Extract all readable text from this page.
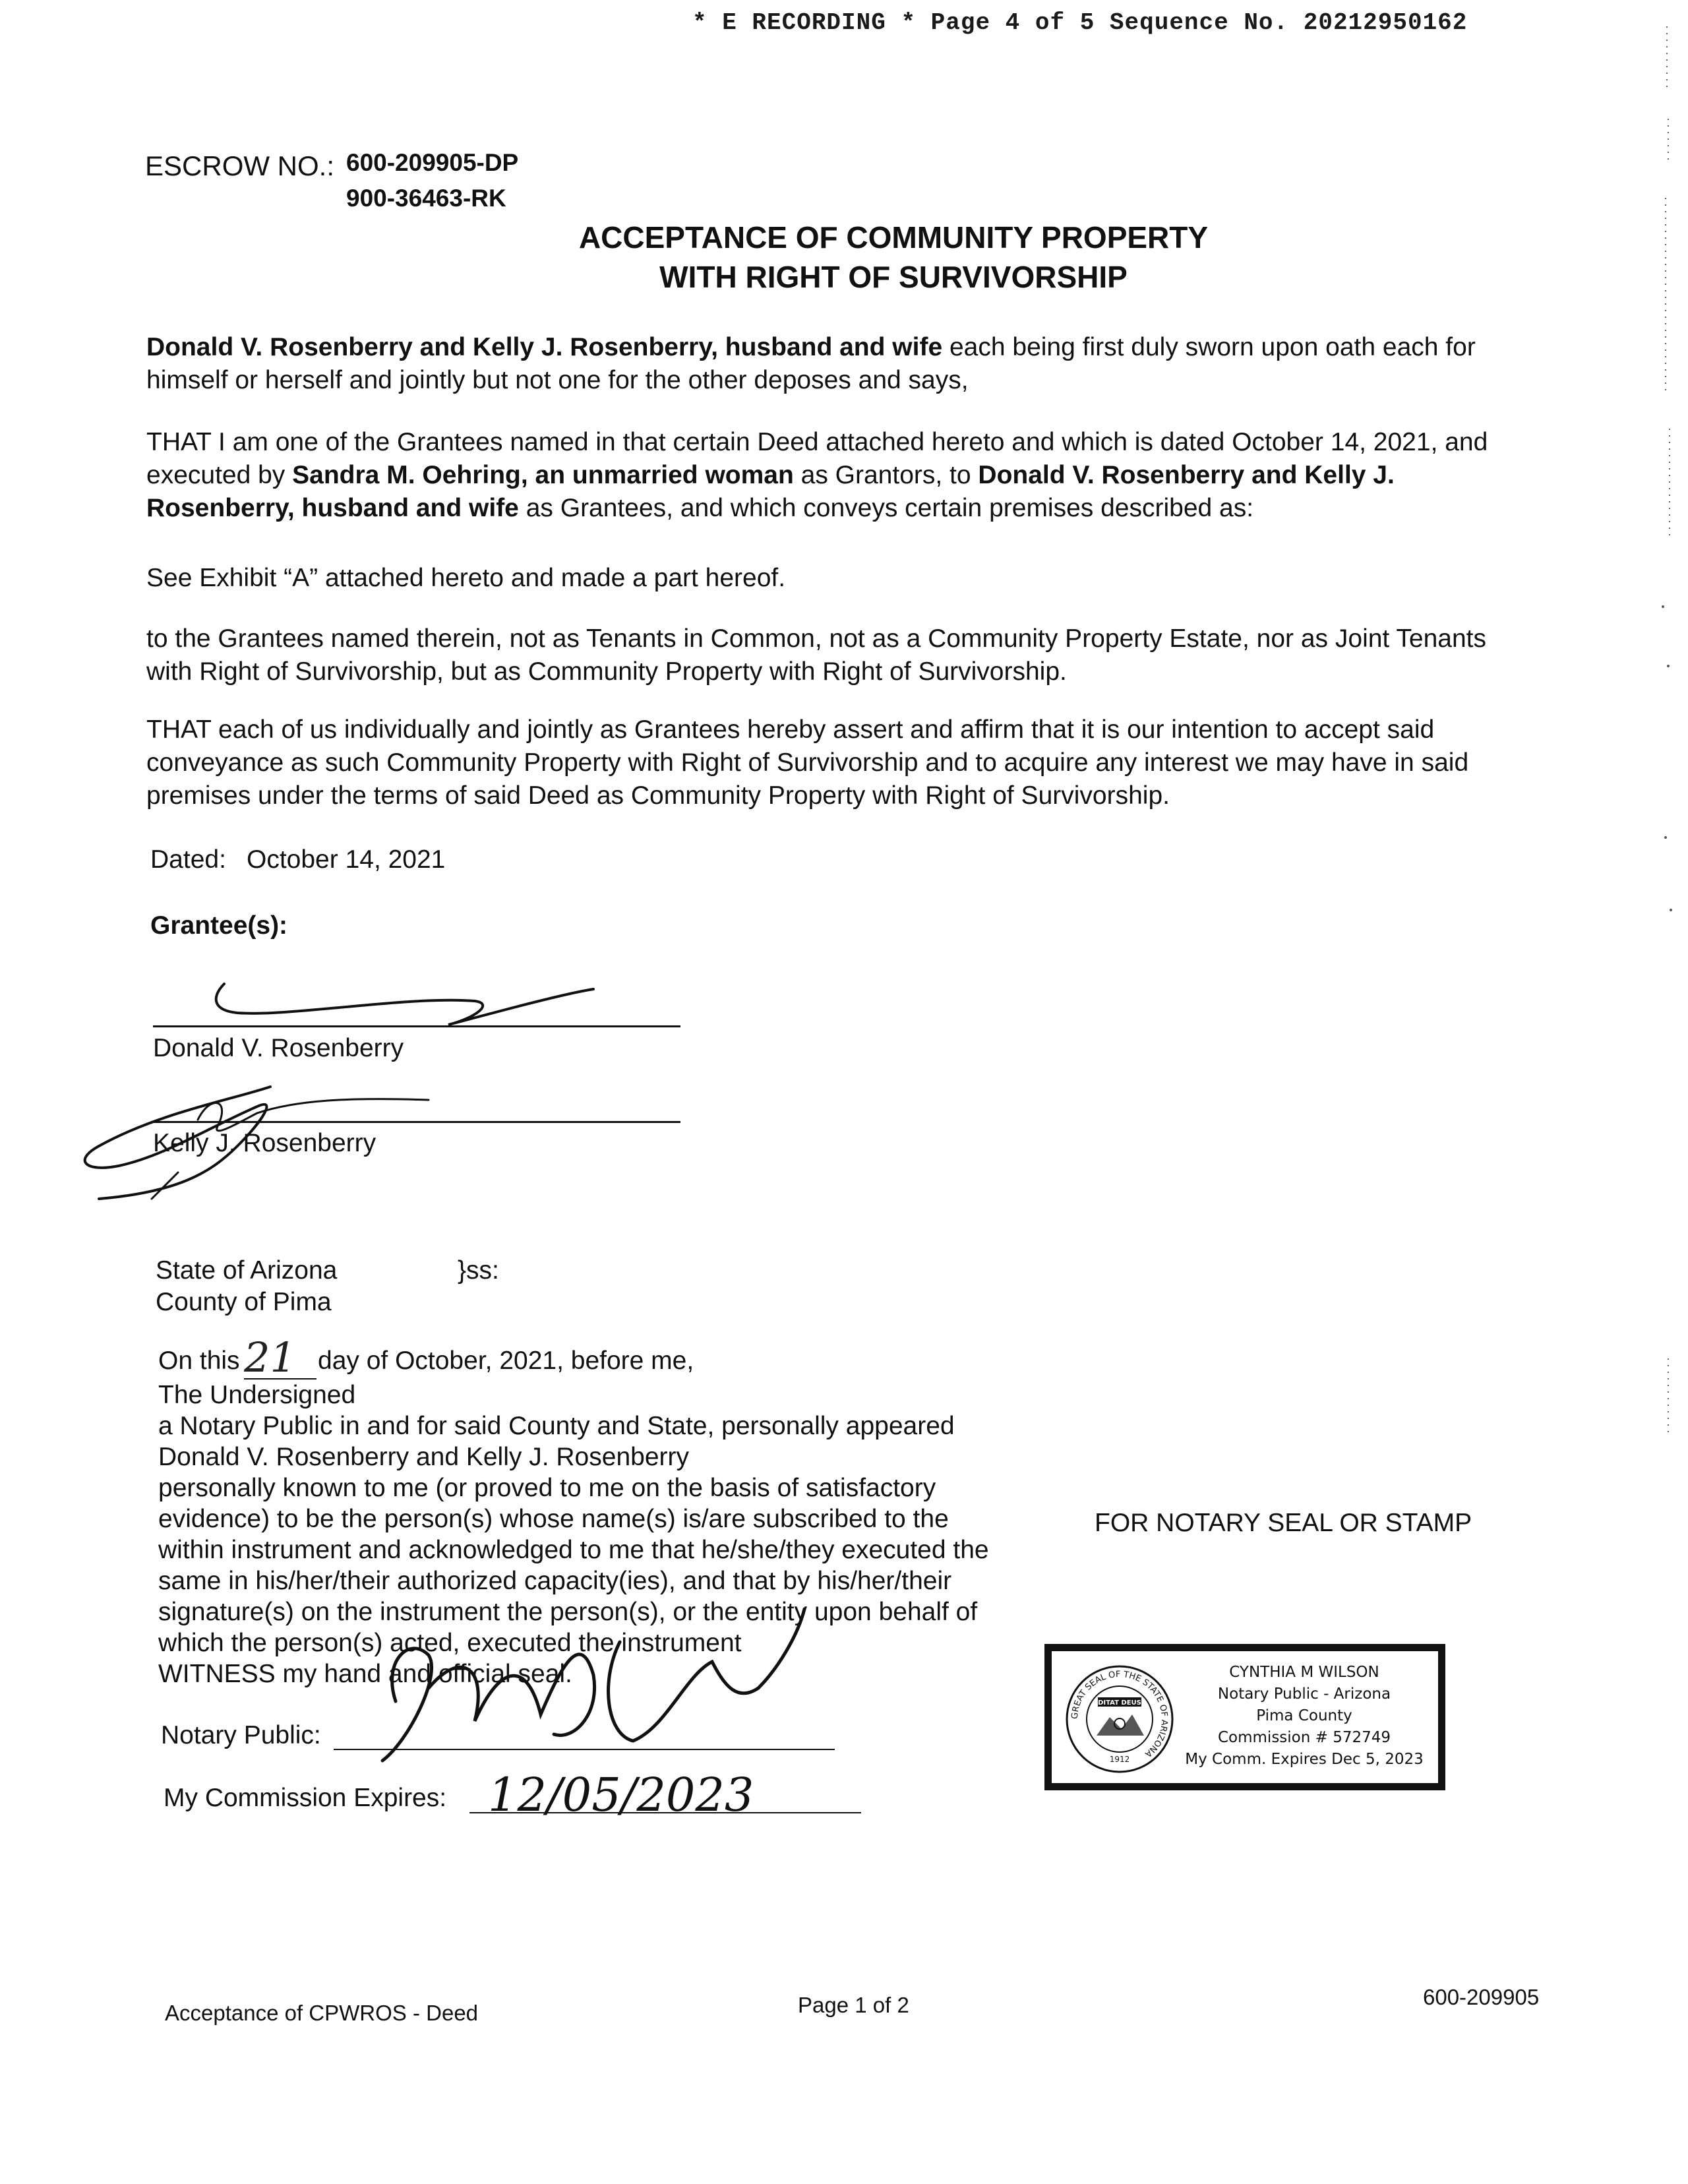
* E RECORDING * Page 4 of 5 Sequence No. 20212950162
ESCROW NO.: 600-209905-DP
900-36463-RK
ACCEPTANCE OF COMMUNITY PROPERTY
WITH RIGHT OF SURVIVORSHIP
Donald V. Rosenberry and Kelly J. Rosenberry, husband and wife each being first duly sworn upon oath each for himself or herself and jointly but not one for the other deposes and says,
THAT I am one of the Grantees named in that certain Deed attached hereto and which is dated October 14, 2021, and executed by Sandra M. Oehring, an unmarried woman as Grantors, to Donald V. Rosenberry and Kelly J. Rosenberry, husband and wife as Grantees, and which conveys certain premises described as:
See Exhibit “A” attached hereto and made a part hereof.
to the Grantees named therein, not as Tenants in Common, not as a Community Property Estate, nor as Joint Tenants with Right of Survivorship, but as Community Property with Right of Survivorship.
THAT each of us individually and jointly as Grantees hereby assert and affirm that it is our intention to accept said conveyance as such Community Property with Right of Survivorship and to acquire any interest we may have in said premises under the terms of said Deed as Community Property with Right of Survivorship.
Dated: October 14, 2021
Grantee(s):
Donald V. Rosenberry
Kelly J. Rosenberry
State of Arizona	}ss:
County of Pima
On this 21 day of October, 2021, before me,
The Undersigned
a Notary Public in and for said County and State, personally appeared
Donald V. Rosenberry and Kelly J. Rosenberry
personally known to me (or proved to me on the basis of satisfactory
evidence) to be the person(s) whose name(s) is/are subscribed to the
within instrument and acknowledged to me that he/she/they executed the
same in his/her/their authorized capacity(ies), and that by his/her/their
signature(s) on the instrument the person(s), or the entity upon behalf of
which the person(s) acted, executed the instrument
WITNESS my hand and official seal.
Notary Public:
My Commission Expires: 12/05/2023
FOR NOTARY SEAL OR STAMP
GREAT SEAL OF THE STATE OF ARIZONA
DITAT DEUS
1912
CYNTHIA M WILSON
Notary Public - Arizona
Pima County
Commission # 572749
My Comm. Expires Dec 5, 2023
Acceptance of CPWROS - Deed	Page 1 of 2	600-209905
